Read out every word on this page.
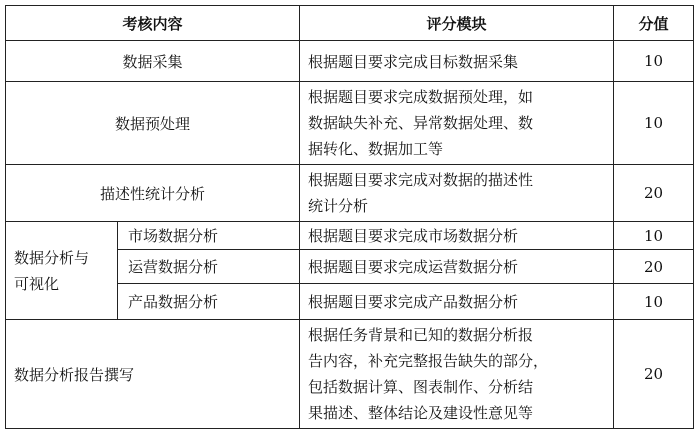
考核内容		评分模块	分值
数据采集		根据题目要求完成目标数据采集	10
数据预处理		根据题目要求完成数据预处理，如
数据缺失补充、异常数据处理、数
据转化、数据加工等	10
描述性统计分析		根据题目要求完成对数据的描述性
统计分析	20

数据分析与
可视化	市场数据分析	根据题目要求完成市场数据分析	10
	运营数据分析	根据题目要求完成运营数据分析	20
	产品数据分析	根据题目要求完成产品数据分析	10
数据分析报告撰写		根据任务背景和已知的数据分析报
告内容，补充完整报告缺失的部分，
包括数据计算、图表制作、分析结
果描述、整体结论及建设性意见等	20
